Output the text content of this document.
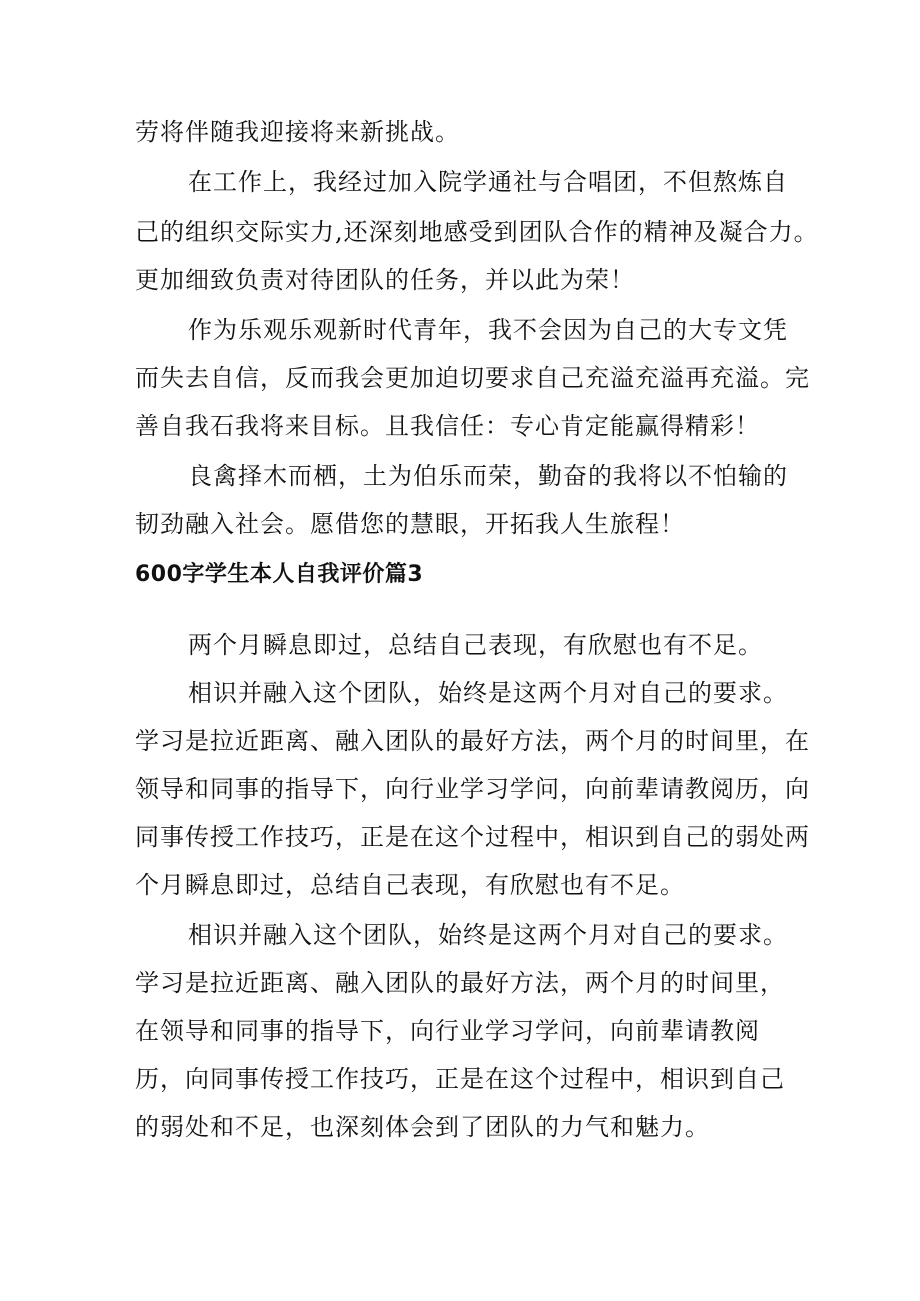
劳将伴随我迎接将来新挑战。
在工作上，我经过加入院学通社与合唱团，不但熬炼自
己的组织交际实力,还深刻地感受到团队合作的精神及凝合力。
更加细致负责对待团队的任务，并以此为荣！
作为乐观乐观新时代青年，我不会因为自己的大专文凭
而失去自信，反而我会更加迫切要求自己充溢充溢再充溢。完
善自我石我将来目标。且我信任：专心肯定能赢得精彩！
良禽择木而栖，土为伯乐而荣，勤奋的我将以不怕输的
韧劲融入社会。愿借您的慧眼，开拓我人生旅程！
600字学生本人自我评价篇3
两个月瞬息即过，总结自己表现，有欣慰也有不足。
相识并融入这个团队，始终是这两个月对自己的要求。
学习是拉近距离、融入团队的最好方法，两个月的时间里，在
领导和同事的指导下，向行业学习学问，向前辈请教阅历，向
同事传授工作技巧，正是在这个过程中，相识到自己的弱处两
个月瞬息即过，总结自己表现，有欣慰也有不足。
相识并融入这个团队，始终是这两个月对自己的要求。
学习是拉近距离、融入团队的最好方法，两个月的时间里，
在领导和同事的指导下，向行业学习学问，向前辈请教阅
历，向同事传授工作技巧，正是在这个过程中，相识到自己
的弱处和不足，也深刻体会到了团队的力气和魅力。
